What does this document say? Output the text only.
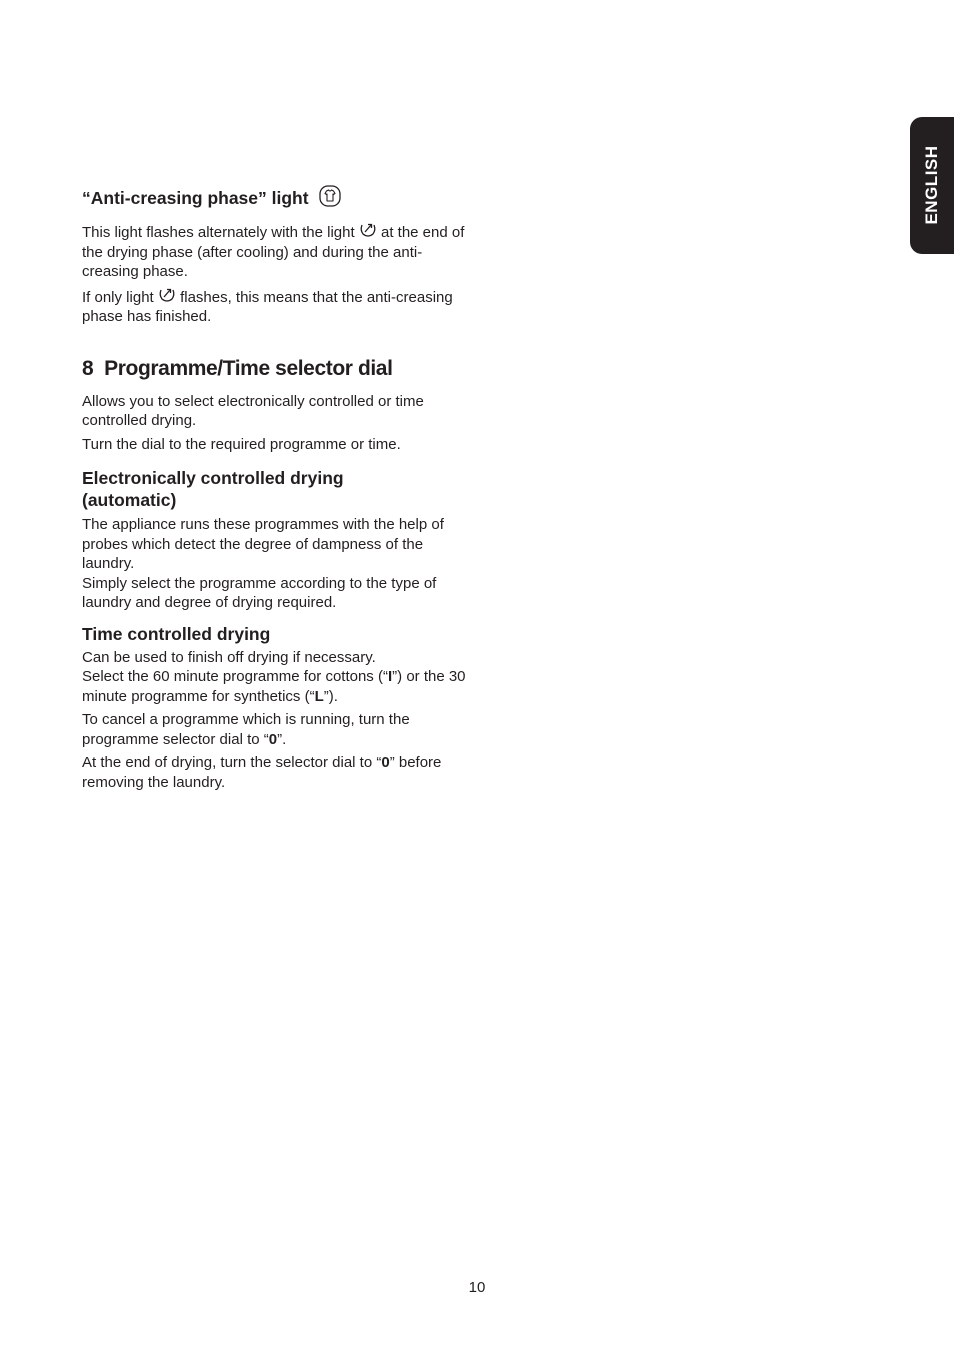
ENGLISH
“Anti-creasing phase” light

This light flashes alternately with the light at the end of the drying phase (after cooling) and during the anti-creasing phase.

If only light flashes, this means that the anti-creasing phase has finished.

8 Programme/Time selector dial

Allows you to select electronically controlled or time controlled drying.

Turn the dial to the required programme or time.

Electronically controlled drying
(automatic)

The appliance runs these programmes with the help of probes which detect the degree of dampness of the laundry.

Simply select the programme according to the type of laundry and degree of drying required.

Time controlled drying

Can be used to finish off drying if necessary.

Select the 60 minute programme for cottons (“I”) or the 30 minute programme for synthetics (“L”).

To cancel a programme which is running, turn the programme selector dial to “0”.

At the end of drying, turn the selector dial to “0” before removing the laundry.

10
